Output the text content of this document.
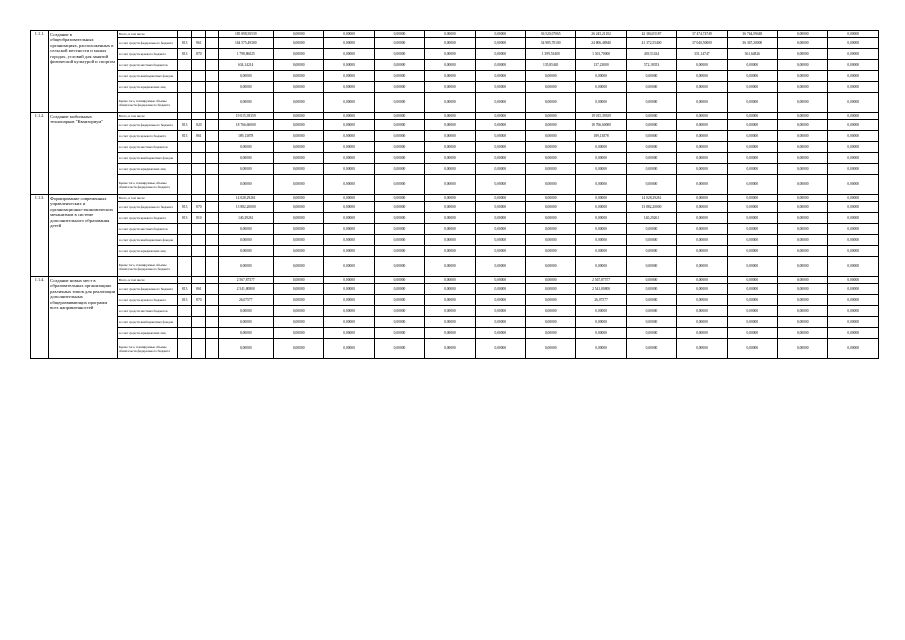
1.1.1.	Создание в общеобразовательных организациях, расположенных в сельской местности и малых городах, условий для занятий физической культурой и спортом	Всего, в том числе				185 898,50539	0,00000	0,00000	0,00000	0,00000	0,00000	36 520,07065	26 245,21102	42 384,05187	37 474,74749	36 764,09448	0,00000	0,00000
		за счет средств федерального бюджета	813	861		164 575,49300	0,00000	0,00000	0,00000	0,00000	0,00000	34 985,70100	24 806,48840	41 372,55400	37 040,50000	36 367,20000	0,00000	0,00000
		за счет средств краевого бюджета	813	870		1 798,86025	0,00000	0,00000	0,00000	0,00000	0,00000	1 399,53400	1 301,70000	439,51434	351,14747	361,64826	0,00000	0,00000
		за счет средств местных бюджетов				634,14214	0,00000	0,00000	0,00000	0,00000	0,00000	135,85465	137,23000	572,18353	0,00000	0,00000	0,00000	0,00000
		за счет средств внебюджетных фондов				0,00000	0,00000	0,00000	0,00000	0,00000	0,00000	0,00000	0,00000	0,00000	0,00000	0,00000	0,00000	0,00000
		за счет средств юридических лиц				0,00000	0,00000	0,00000	0,00000	0,00000	0,00000	0,00000	0,00000	0,00000	0,00000	0,00000	0,00000	0,00000
		Кроме того, планируемые объемы обязательств федерального бюджета				0,00000	0,00000	0,00000	0,00000	0,00000	0,00000	0,00000	0,00000	0,00000	0,00000	0,00000	0,00000	0,00000
1.1.2.	Создание мобильных технопарков "Кванториум"	Всего, в том числе				19 015,39359	0,00000	0,00000	0,00000	0,00000	0,00000	0,00000	19 015,39359	0,00000	0,00000	0,00000	0,00000	0,00000
		за счет средств федерального бюджета	813	820		18 766,60000	0,00000	0,00000	0,00000	0,00000	0,00000	0,00000	18 766,60000	0,00000	0,00000	0,00000	0,00000	0,00000
		за счет средств краевого бюджета	813	861		189,13878	0,00000	0,00000	0,00000	0,00000	0,00000	0,00000	189,13878	0,00000	0,00000	0,00000	0,00000	0,00000
		за счет средств местных бюджетов				0,00000	0,00000	0,00000	0,00000	0,00000	0,00000	0,00000	0,00000	0,00000	0,00000	0,00000	0,00000	0,00000
		за счет средств внебюджетных фондов				0,00000	0,00000	0,00000	0,00000	0,00000	0,00000	0,00000	0,00000	0,00000	0,00000	0,00000	0,00000	0,00000
		за счет средств юридических лиц				0,00000	0,00000	0,00000	0,00000	0,00000	0,00000	0,00000	0,00000	0,00000	0,00000	0,00000	0,00000	0,00000
		Кроме того, планируемые объемы обязательств федерального бюджета				0,00000	0,00000	0,00000	0,00000	0,00000	0,00000	0,00000	0,00000	0,00000	0,00000	0,00000	0,00000	0,00000
1.1.3.	Формирование современных управленческих и организационно-экономических механизмов в системе дополнительного образования детей	Всего, в том числе				14 028,29261	0,00000	0,00000	0,00000	0,00000	0,00000	0,00000	0,00000	14 028,29261	0,00000	0,00000	0,00000	0,00000
		за счет средств федерального бюджета	813	870		13 882,20000	0,00000	0,00000	0,00000	0,00000	0,00000	0,00000	0,00000	13 882,20000	0,00000	0,00000	0,00000	0,00000
		за счет средств краевого бюджета	813	810		140,29261	0,00000	0,00000	0,00000	0,00000	0,00000	0,00000	0,00000	140,29261	0,00000	0,00000	0,00000	0,00000
		за счет средств местных бюджетов				0,00000	0,00000	0,00000	0,00000	0,00000	0,00000	0,00000	0,00000	0,00000	0,00000	0,00000	0,00000	0,00000
		за счет средств внебюджетных фондов				0,00000	0,00000	0,00000	0,00000	0,00000	0,00000	0,00000	0,00000	0,00000	0,00000	0,00000	0,00000	0,00000
		за счет средств юридических лиц				0,00000	0,00000	0,00000	0,00000	0,00000	0,00000	0,00000	0,00000	0,00000	0,00000	0,00000	0,00000	0,00000
		Кроме того, планируемые объемы обязательств федерального бюджета				0,00000	0,00000	0,00000	0,00000	0,00000	0,00000	0,00000	0,00000	0,00000	0,00000	0,00000	0,00000	0,00000
1.1.4.	Создание новых мест в образовательных организациях различных типов для реализации дополнительных общеразвивающих программ всех направленностей	Всего, в том числе				2 567,87577	0,00000	0,00000	0,00000	0,00000	0,00000	0,00000	2 567,87577	0,00000	0,00000	0,00000	0,00000	0,00000
		за счет средств федерального бюджета	813	861		2 541,80800	0,00000	0,00000	0,00000	0,00000	0,00000	0,00000	2 541,80800	0,00000	0,00000	0,00000	0,00000	0,00000
		за счет средств краевого бюджета	813	870		26,07577	0,00000	0,00000	0,00000	0,00000	0,00000	0,00000	26,07577	0,00000	0,00000	0,00000	0,00000	0,00000
		за счет средств местных бюджетов				0,00000	0,00000	0,00000	0,00000	0,00000	0,00000	0,00000	0,00000	0,00000	0,00000	0,00000	0,00000	0,00000
		за счет средств внебюджетных фондов				0,00000	0,00000	0,00000	0,00000	0,00000	0,00000	0,00000	0,00000	0,00000	0,00000	0,00000	0,00000	0,00000
		за счет средств юридических лиц				0,00000	0,00000	0,00000	0,00000	0,00000	0,00000	0,00000	0,00000	0,00000	0,00000	0,00000	0,00000	0,00000
		Кроме того, планируемые объемы обязательств федерального бюджета				0,00000	0,00000	0,00000	0,00000	0,00000	0,00000	0,00000	0,00000	0,00000	0,00000	0,00000	0,00000	0,00000
